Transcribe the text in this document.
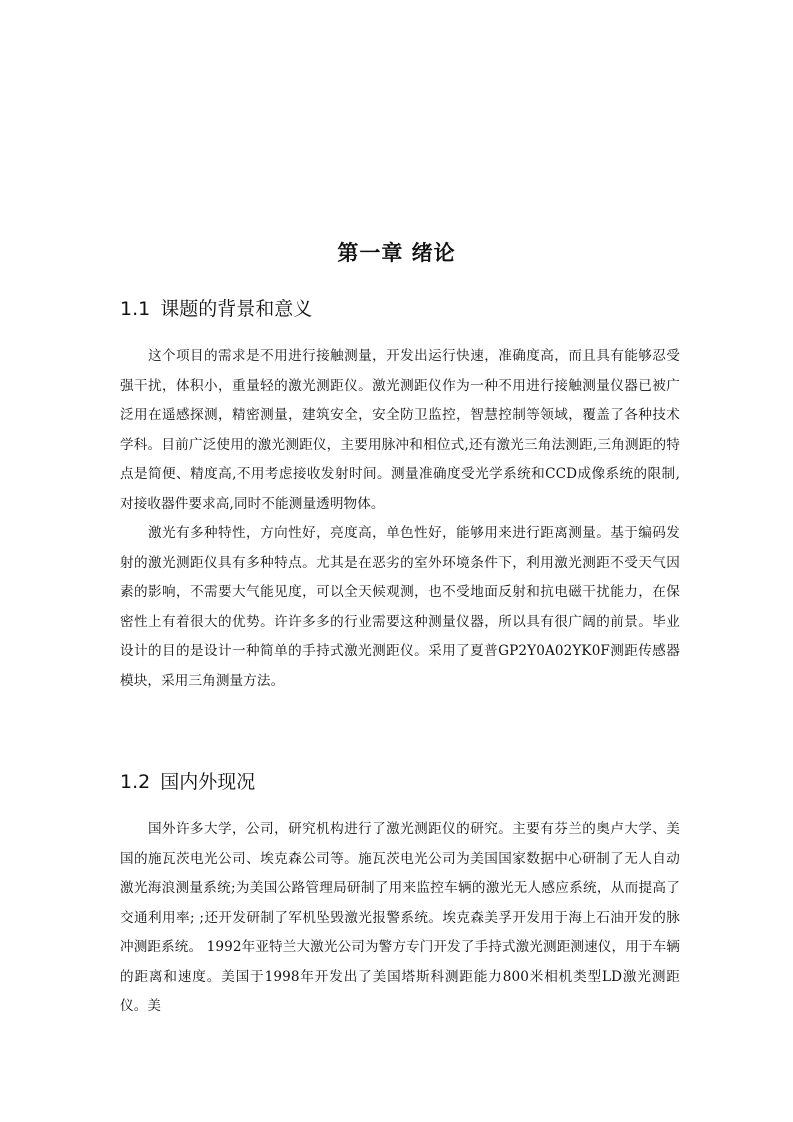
第一章 绪论
1.1 课题的背景和意义

这个项目的需求是不用进行接触测量，开发出运行快速，准确度高，而且具有能够忍受强干扰，体积小，重量轻的激光测距仪。激光测距仪作为一种不用进行接触测量仪器已被广泛用在遥感探测，精密测量，建筑安全，安全防卫监控，智慧控制等领域，覆盖了各种技术学科。目前广泛使用的激光测距仪，主要用脉冲和相位式,还有激光三角法测距,三角测距的特点是简便、精度高,不用考虑接收发射时间。测量准确度受光学系统和CCD成像系统的限制,对接收器件要求高,同时不能测量透明物体。

激光有多种特性，方向性好，亮度高，单色性好，能够用来进行距离测量。基于编码发射的激光测距仪具有多种特点。尤其是在恶劣的室外环境条件下，利用激光测距不受天气因素的影响，不需要大气能见度，可以全天候观测，也不受地面反射和抗电磁干扰能力，在保密性上有着很大的优势。许许多多的行业需要这种测量仪器，所以具有很广阔的前景。毕业设计的目的是设计一种简单的手持式激光测距仪。采用了夏普GP2Y0A02YK0F测距传感器模块，采用三角测量方法。

1.2 国内外现况

国外许多大学，公司，研究机构进行了激光测距仪的研究。主要有芬兰的奥卢大学、美国的施瓦茨电光公司、埃克森公司等。施瓦茨电光公司为美国国家数据中心研制了无人自动激光海浪测量系统;为美国公路管理局研制了用来监控车辆的激光无人感应系统，从而提高了交通利用率; ;还开发研制了军机坠毁激光报警系统。埃克森美孚开发用于海上石油开发的脉冲测距系统。 1992年亚特兰大激光公司为警方专门开发了手持式激光测距测速仪，用于车辆的距离和速度。美国于1998年开发出了美国塔斯科测距能力800米相机类型LD激光测距仪。美
